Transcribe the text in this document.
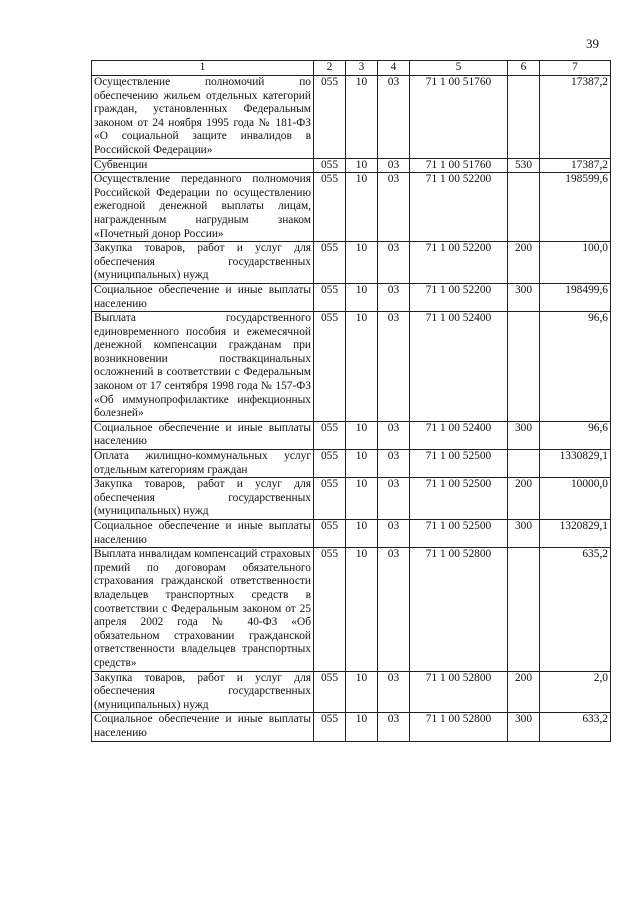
39
1	2	3	4	5	6	7
Осуществление полномочий по обеспечению жильем отдельных категорий граждан, установленных Федеральным законом от 24 ноября 1995 года № 181-ФЗ «О социальной защите инвалидов в Российской Федерации»	055	10	03	71 1 00 51760		17387,2
Субвенции	055	10	03	71 1 00 51760	530	17387,2
Осуществление переданного полномочия Российской Федерации по осуществлению ежегодной денежной выплаты лицам, награжденным нагрудным знаком «Почетный донор России»	055	10	03	71 1 00 52200		198599,6
Закупка товаров, работ и услуг для обеспечения государственных (муниципальных) нужд	055	10	03	71 1 00 52200	200	100,0
Социальное обеспечение и иные выплаты населению	055	10	03	71 1 00 52200	300	198499,6
Выплата государственного единовременного пособия и ежемесячной денежной компенсации гражданам при возникновении поствакцинальных осложнений в соответствии с Федеральным законом от 17 сентября 1998 года № 157-ФЗ «Об иммунопрофилактике инфекционных болезней»	055	10	03	71 1 00 52400		96,6
Социальное обеспечение и иные выплаты населению	055	10	03	71 1 00 52400	300	96,6
Оплата жилищно-коммунальных услуг отдельным категориям граждан	055	10	03	71 1 00 52500		1330829,1
Закупка товаров, работ и услуг для обеспечения государственных (муниципальных) нужд	055	10	03	71 1 00 52500	200	10000,0
Социальное обеспечение и иные выплаты населению	055	10	03	71 1 00 52500	300	1320829,1
Выплата инвалидам компенсаций страховых премий по договорам обязательного страхования гражданской ответственности владельцев транспортных средств в соответствии с Федеральным законом от 25 апреля 2002 года № 40-ФЗ «Об обязательном страховании гражданской ответственности владельцев транспортных средств»	055	10	03	71 1 00 52800		635,2
Закупка товаров, работ и услуг для обеспечения государственных (муниципальных) нужд	055	10	03	71 1 00 52800	200	2,0
Социальное обеспечение и иные выплаты населению	055	10	03	71 1 00 52800	300	633,2
